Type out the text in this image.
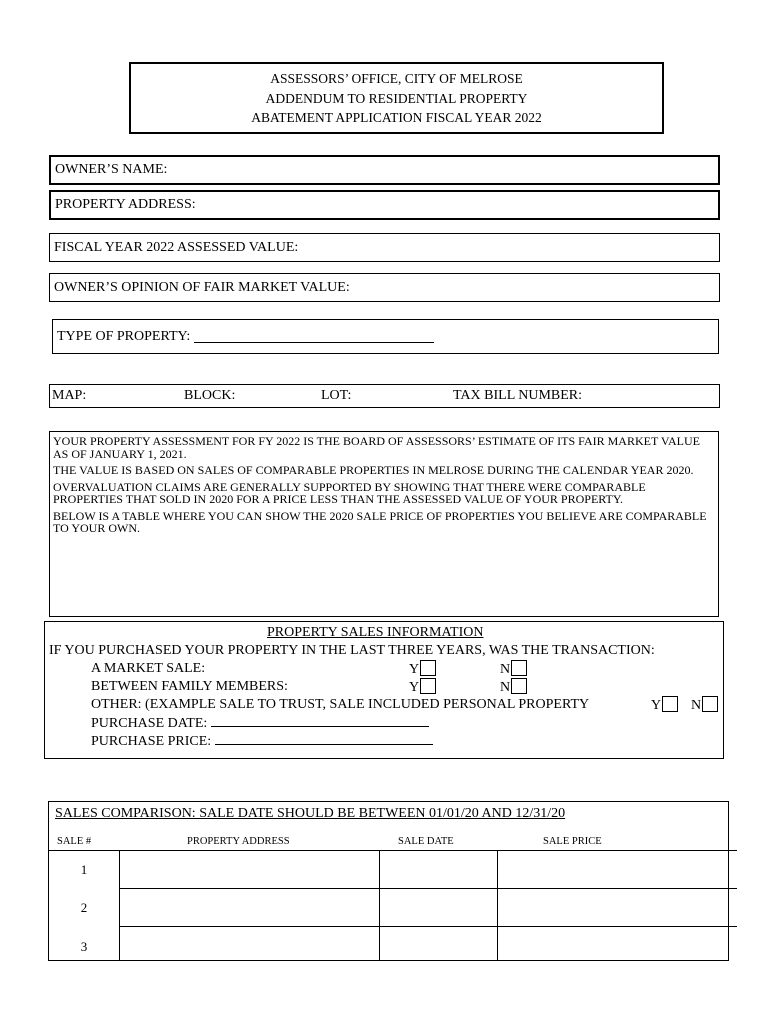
ASSESSORS’ OFFICE, CITY OF MELROSE
ADDENDUM TO RESIDENTIAL PROPERTY
ABATEMENT APPLICATION FISCAL YEAR 2022
OWNER’S NAME:
PROPERTY ADDRESS:
FISCAL YEAR 2022 ASSESSED VALUE:
OWNER’S OPINION OF FAIR MARKET VALUE:
TYPE OF PROPERTY:
MAP:	BLOCK:	LOT:	TAX BILL NUMBER:

YOUR PROPERTY ASSESSMENT FOR FY 2022 IS THE BOARD OF ASSESSORS’ ESTIMATE OF ITS FAIR MARKET VALUE AS OF JANUARY 1, 2021.

THE VALUE IS BASED ON SALES OF COMPARABLE PROPERTIES IN MELROSE DURING THE CALENDAR YEAR 2020.

OVERVALUATION CLAIMS ARE GENERALLY SUPPORTED BY SHOWING THAT THERE WERE COMPARABLE PROPERTIES THAT SOLD IN 2020 FOR A PRICE LESS THAN THE ASSESSED VALUE OF YOUR PROPERTY.

BELOW IS A TABLE WHERE YOU CAN SHOW THE 2020 SALE PRICE OF PROPERTIES YOU BELIEVE ARE COMPARABLE TO YOUR OWN.

PROPERTY SALES INFORMATION
IF YOU PURCHASED YOUR PROPERTY IN THE LAST THREE YEARS, WAS THE TRANSACTION:
A MARKET SALE:	Y	N
BETWEEN FAMILY MEMBERS:	Y	N
OTHER: (EXAMPLE SALE TO TRUST, SALE INCLUDED PERSONAL PROPERTY	Y	N
PURCHASE DATE:
PURCHASE PRICE:
SALES COMPARISON: SALE DATE SHOULD BE BETWEEN 01/01/20 AND 12/31/20
SALE #	PROPERTY ADDRESS	SALE DATE	SALE PRICE
1
2
3
